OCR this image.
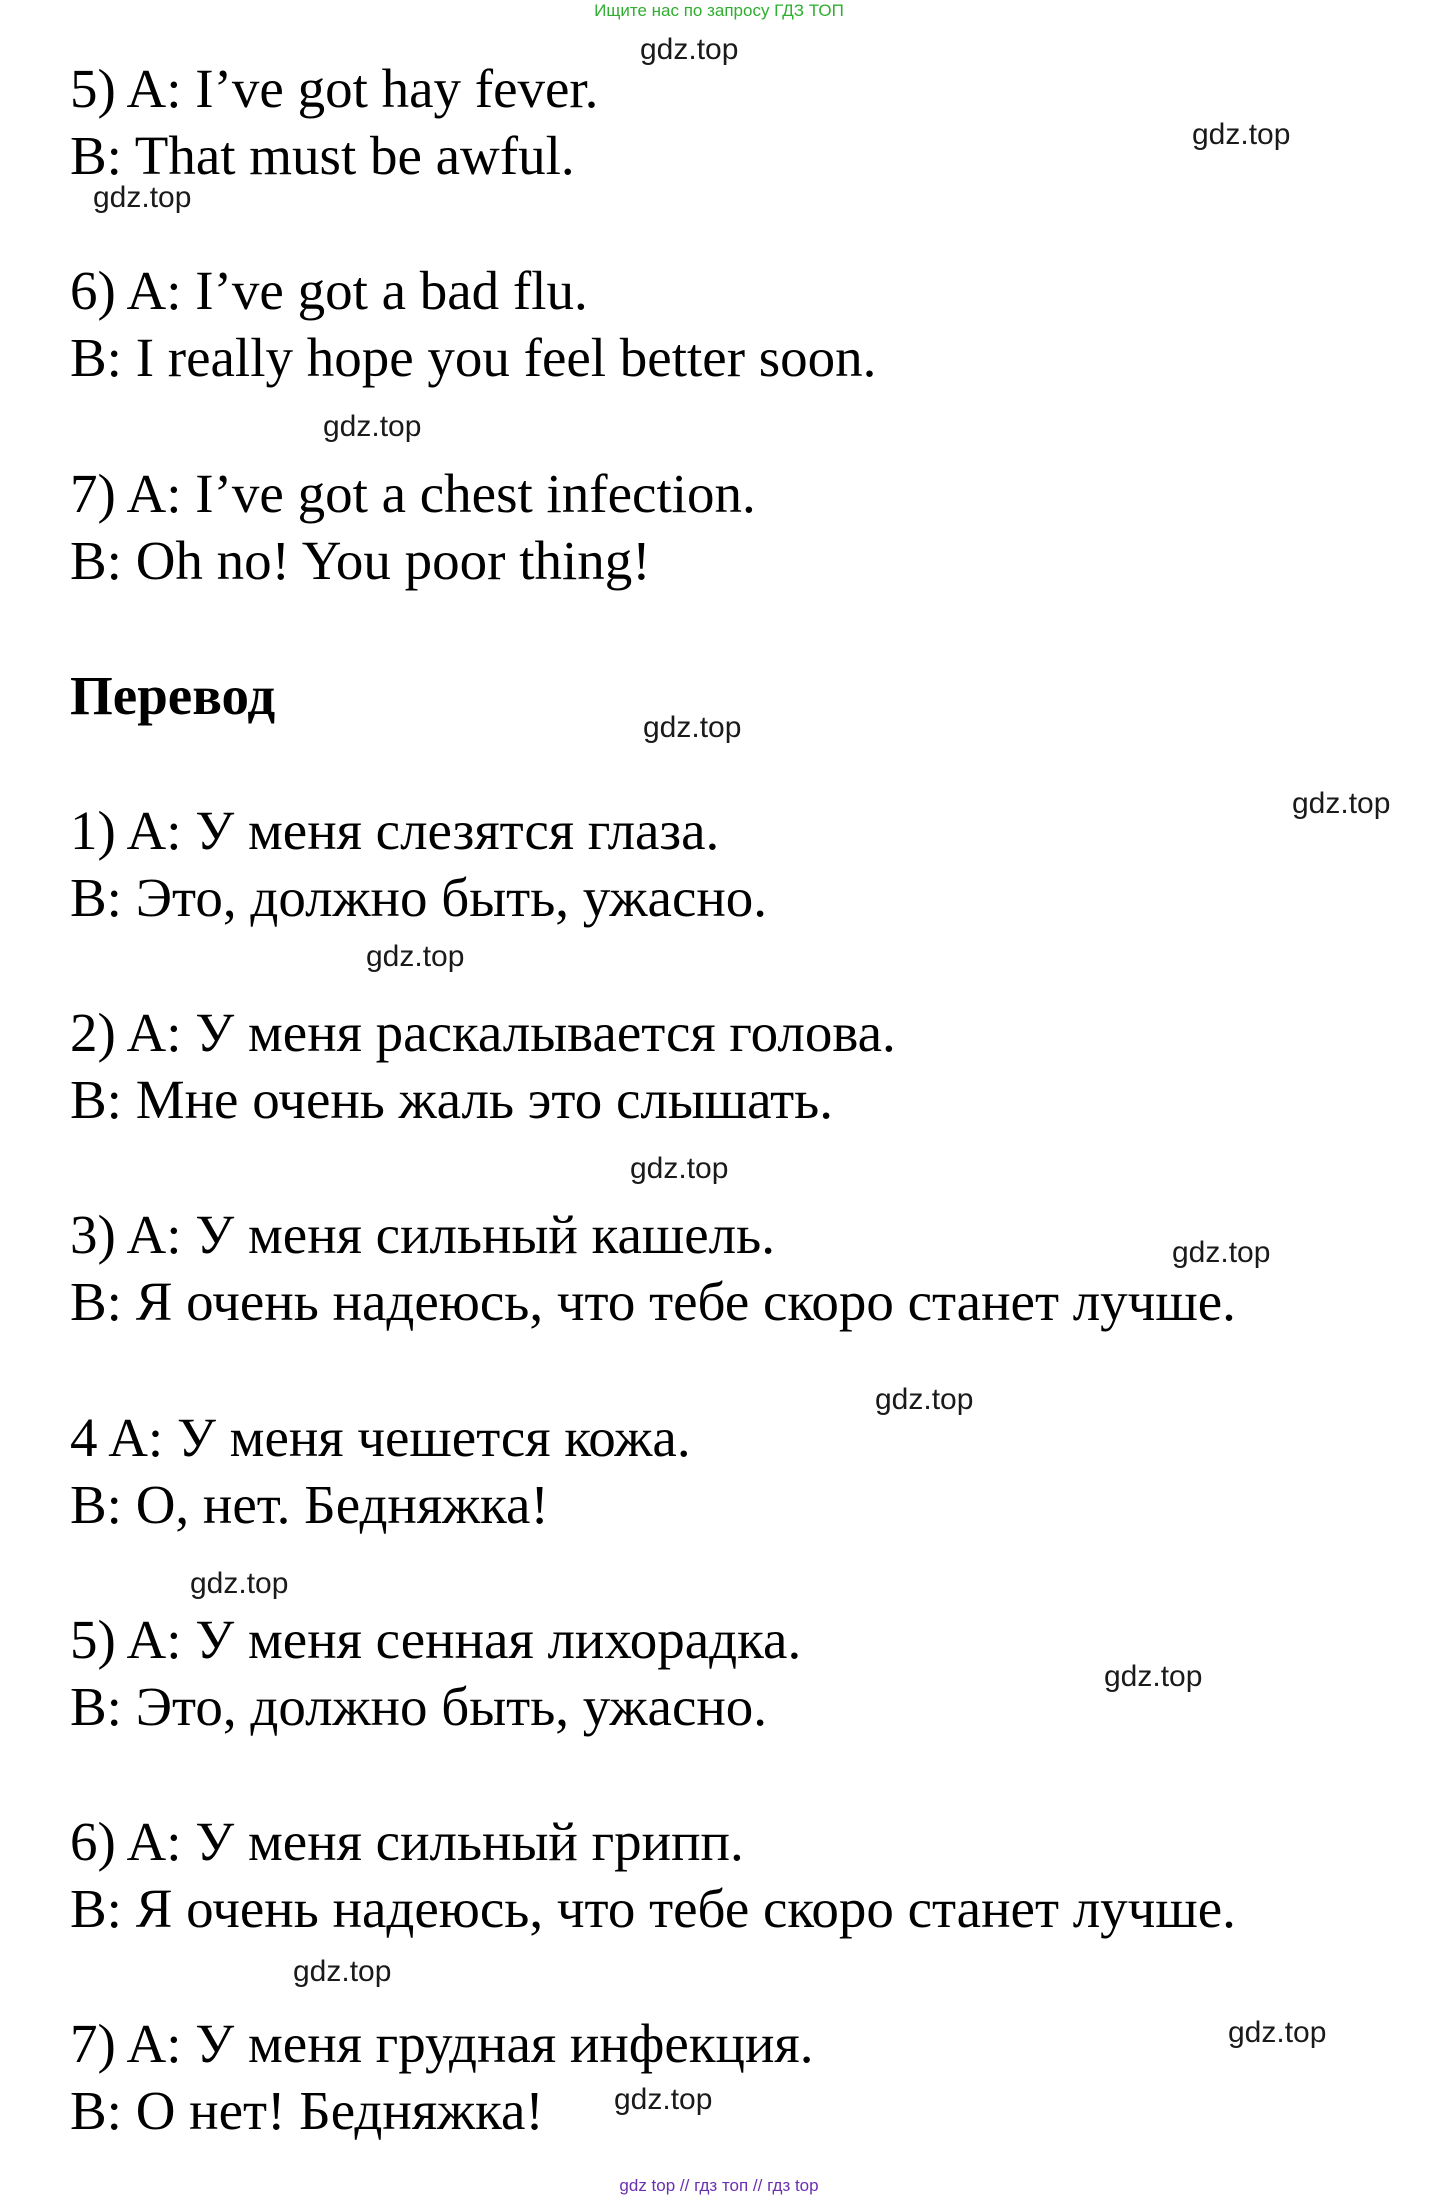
Ищите нас по запросу ГДЗ ТОП
5) A: I’ve got hay fever.
B: That must be awful.
6) A: I’ve got a bad flu.
B: I really hope you feel better soon.
7) A: I’ve got a chest infection.
B: Oh no! You poor thing!
Перевод
1) A: У меня слезятся глаза.
B: Это, должно быть, ужасно.
2) A: У меня раскалывается голова.
B: Мне очень жаль это слышать.
3) A: У меня сильный кашель.
B: Я очень надеюсь, что тебе скоро станет лучше.
4 A: У меня чешется кожа.
B: О, нет. Бедняжка!
5) A: У меня сенная лихорадка.
B: Это, должно быть, ужасно.
6) A: У меня сильный грипп.
B: Я очень надеюсь, что тебе скоро станет лучше.
7) A: У меня грудная инфекция.
B: О нет! Бедняжка!
gdz.top
gdz.top
gdz.top
gdz.top
gdz.top
gdz.top
gdz.top
gdz.top
gdz.top
gdz.top
gdz.top
gdz.top
gdz.top
gdz.top
gdz.top
gdz top // гдз топ // гдз top
